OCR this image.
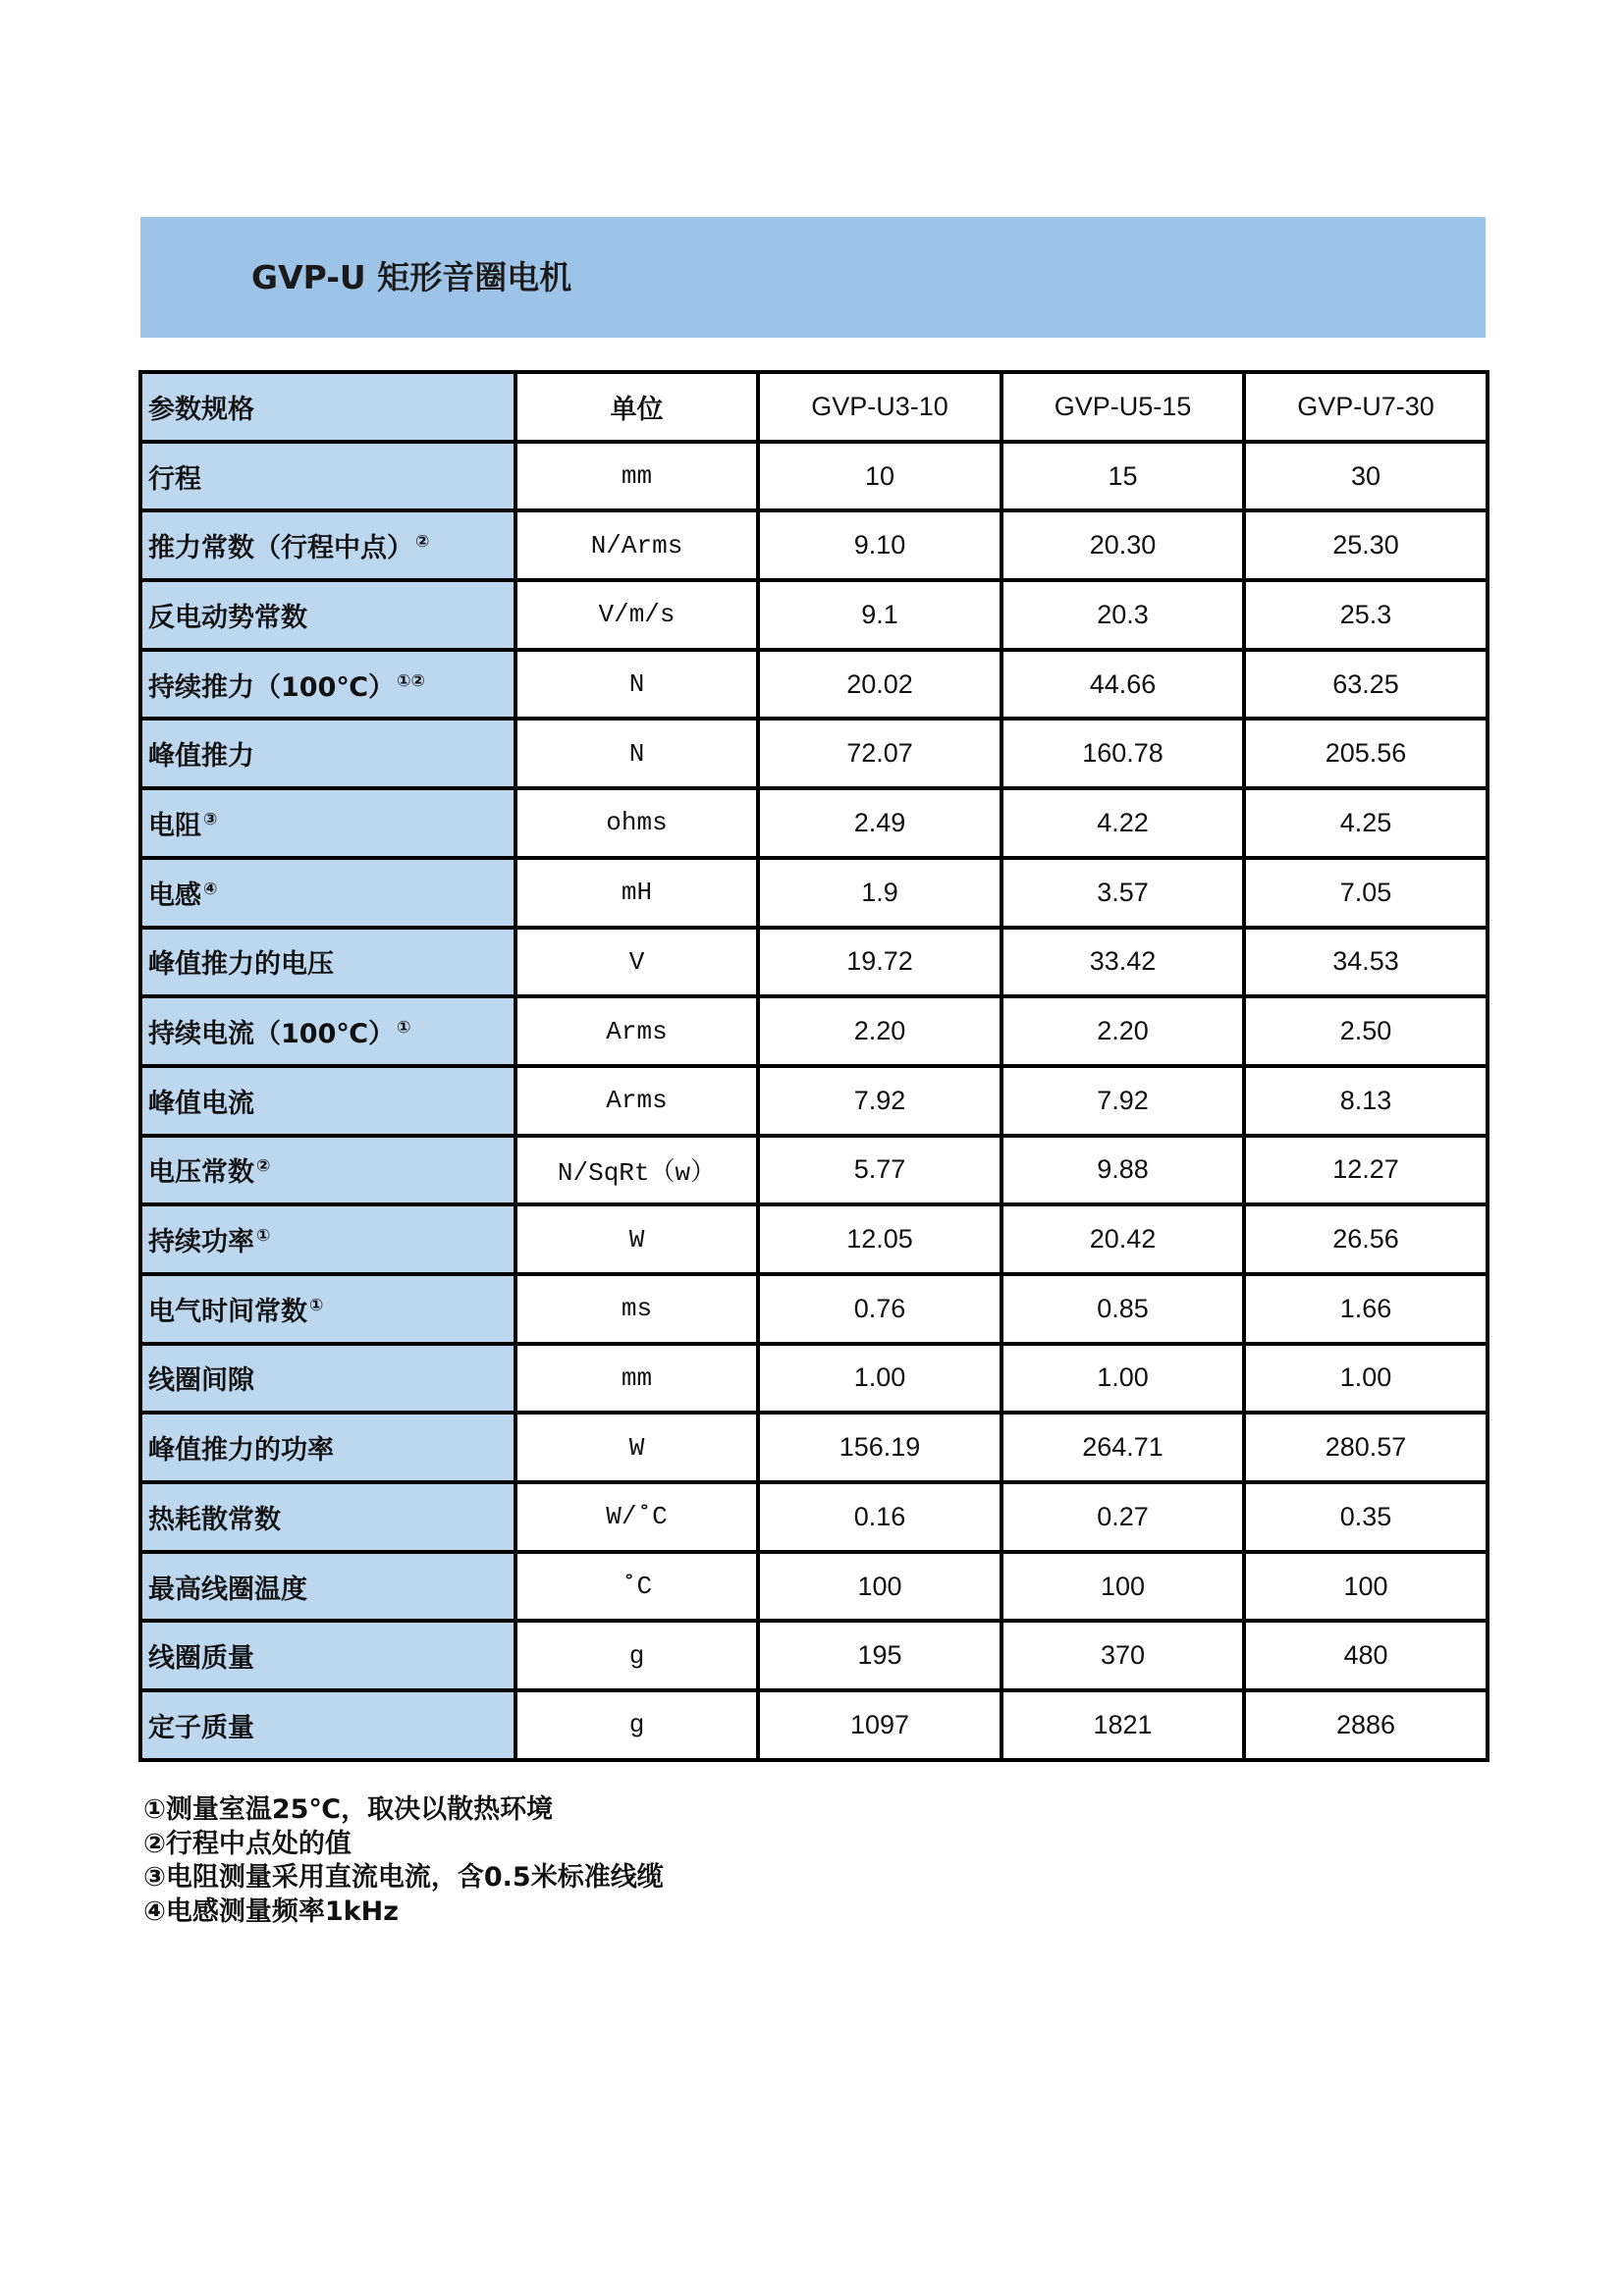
GVP-U 矩形音圈电机
参数规格	单位	GVP-U3-10	GVP-U5-15	GVP-U7-30
行程	mm	10	15	30
推力常数（行程中点） ②	N/Arms	9.10	20.30	25.30
反电动势常数	V/m/s	9.1	20.3	25.3
持续推力（100℃） ①②	N	20.02	44.66	63.25
峰值推力	N	72.07	160.78	205.56
电阻 ③	ohms	2.49	4.22	4.25
电感 ④	mH	1.9	3.57	7.05
峰值推力的电压	V	19.72	33.42	34.53
持续电流（100℃） ①	Arms	2.20	2.20	2.50
峰值电流	Arms	7.92	7.92	8.13
电压常数 ②	N/SqRt（w）	5.77	9.88	12.27
持续功率 ①	W	12.05	20.42	26.56
电气时间常数 ①	ms	0.76	0.85	1.66
线圈间隙	mm	1.00	1.00	1.00
峰值推力的功率	W	156.19	264.71	280.57
热耗散常数	W/˚C	0.16	0.27	0.35
最高线圈温度	˚C	100	100	100
线圈质量	g	195	370	480
定子质量	g	1097	1821	2886
①测量室温25℃，取决以散热环境
②行程中点处的值
③电阻测量采用直流电流，含0.5米标准线缆
④电感测量频率1kHz
